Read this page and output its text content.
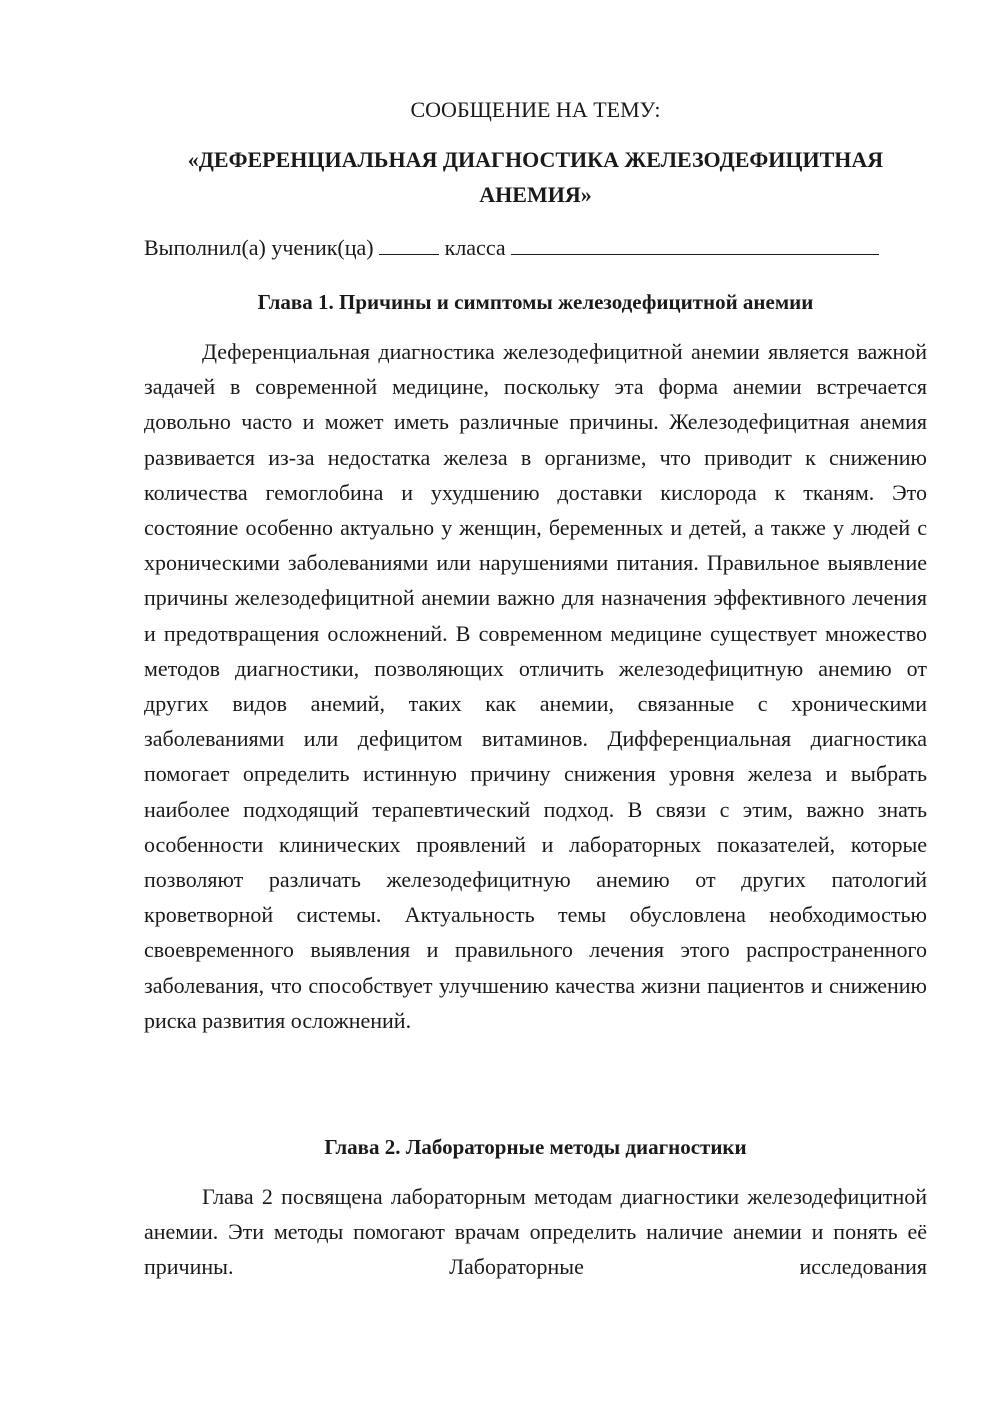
СООБЩЕНИЕ НА ТЕМУ:

«ДЕФЕРЕНЦИАЛЬНАЯ ДИАГНОСТИКА ЖЕЛЕЗОДЕФИЦИТНАЯ

АНЕМИЯ»

Выполнил(а) ученик(ца)	класса
Глава 1. Причины и симптомы железодефицитной анемии

Деференциальная диагностика железодефицитной анемии является важной задачей в современной медицине, поскольку эта форма анемии встречается довольно часто и может иметь различные причины. Железодефицитная анемия развивается из-за недостатка железа в организме, что приводит к снижению количества гемоглобина и ухудшению доставки кислорода к тканям. Это состояние особенно актуально у женщин, беременных и детей, а также у людей с хроническими заболеваниями или нарушениями питания. Правильное выявление причины железодефицитной анемии важно для назначения эффективного лечения и предотвращения осложнений. В современном медицине существует множество методов диагностики, позволяющих отличить железодефицитную анемию от других видов анемий, таких как анемии, связанные с хроническими заболеваниями или дефицитом витаминов. Дифференциальная диагностика помогает определить истинную причину снижения уровня железа и выбрать наиболее подходящий терапевтический подход. В связи с этим, важно знать особенности клинических проявлений и лабораторных показателей, которые позволяют различать железодефицитную анемию от других патологий кроветворной системы. Актуальность темы обусловлена необходимостью своевременного выявления и правильного лечения этого распространенного заболевания, что способствует улучшению качества жизни пациентов и снижению риска развития осложнений.

Глава 2. Лабораторные методы диагностики

Глава 2 посвящена лабораторным методам диагностики железодефицитной анемии. Эти методы помогают врачам определить наличие анемии и понять её причины. Лабораторные исследования
